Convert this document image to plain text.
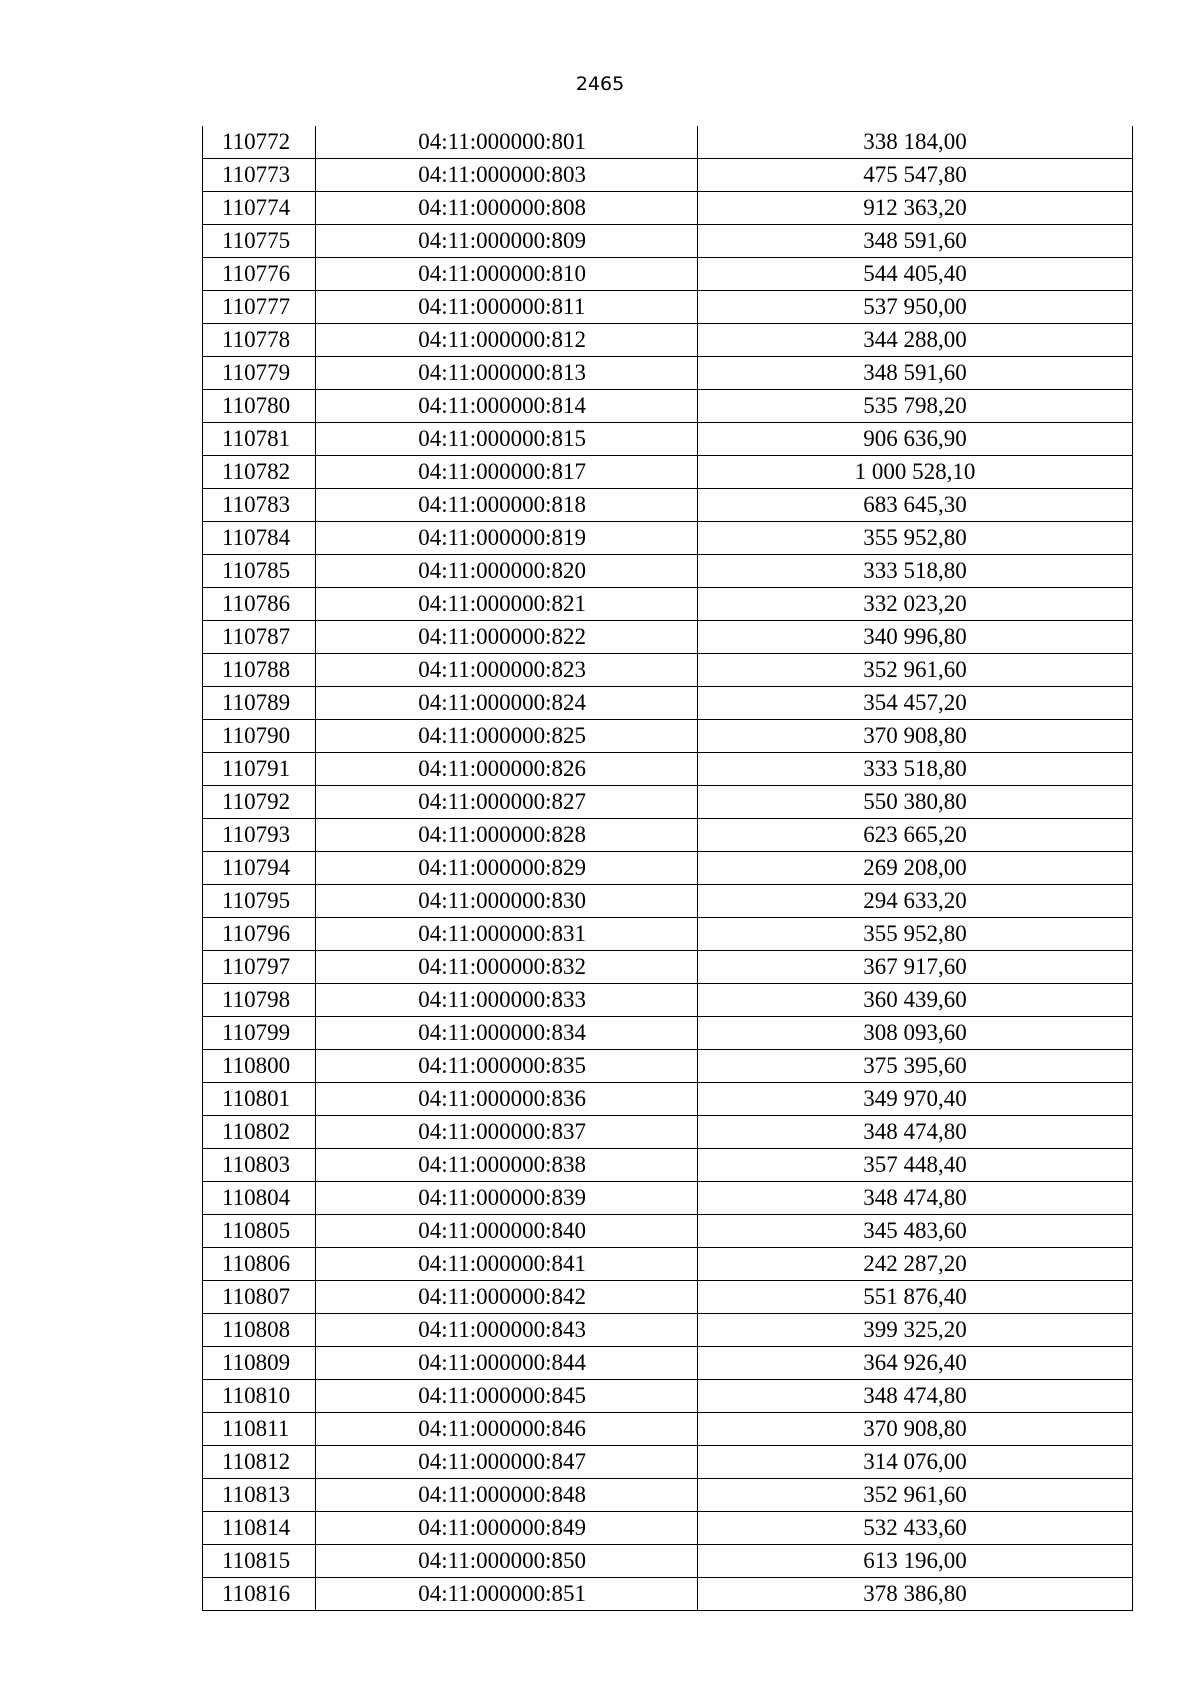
2465
110772	04:11:000000:801	338 184,00
110773	04:11:000000:803	475 547,80
110774	04:11:000000:808	912 363,20
110775	04:11:000000:809	348 591,60
110776	04:11:000000:810	544 405,40
110777	04:11:000000:811	537 950,00
110778	04:11:000000:812	344 288,00
110779	04:11:000000:813	348 591,60
110780	04:11:000000:814	535 798,20
110781	04:11:000000:815	906 636,90
110782	04:11:000000:817	1 000 528,10
110783	04:11:000000:818	683 645,30
110784	04:11:000000:819	355 952,80
110785	04:11:000000:820	333 518,80
110786	04:11:000000:821	332 023,20
110787	04:11:000000:822	340 996,80
110788	04:11:000000:823	352 961,60
110789	04:11:000000:824	354 457,20
110790	04:11:000000:825	370 908,80
110791	04:11:000000:826	333 518,80
110792	04:11:000000:827	550 380,80
110793	04:11:000000:828	623 665,20
110794	04:11:000000:829	269 208,00
110795	04:11:000000:830	294 633,20
110796	04:11:000000:831	355 952,80
110797	04:11:000000:832	367 917,60
110798	04:11:000000:833	360 439,60
110799	04:11:000000:834	308 093,60
110800	04:11:000000:835	375 395,60
110801	04:11:000000:836	349 970,40
110802	04:11:000000:837	348 474,80
110803	04:11:000000:838	357 448,40
110804	04:11:000000:839	348 474,80
110805	04:11:000000:840	345 483,60
110806	04:11:000000:841	242 287,20
110807	04:11:000000:842	551 876,40
110808	04:11:000000:843	399 325,20
110809	04:11:000000:844	364 926,40
110810	04:11:000000:845	348 474,80
110811	04:11:000000:846	370 908,80
110812	04:11:000000:847	314 076,00
110813	04:11:000000:848	352 961,60
110814	04:11:000000:849	532 433,60
110815	04:11:000000:850	613 196,00
110816	04:11:000000:851	378 386,80
